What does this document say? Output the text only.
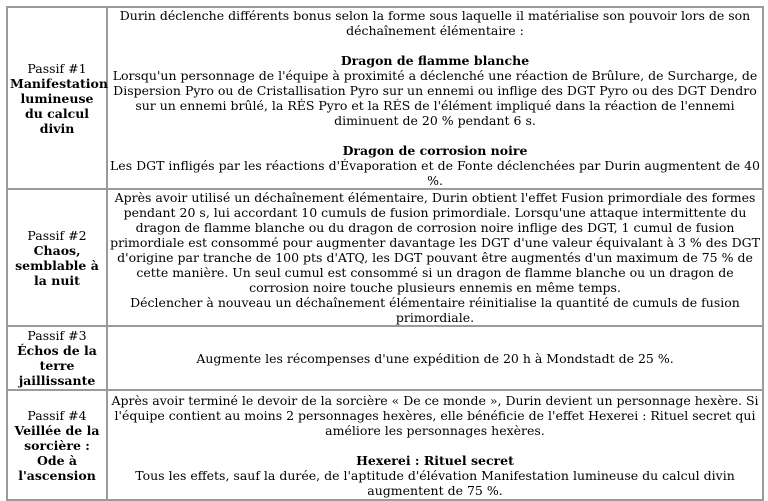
Passif #1
Manifestation lumineuse du calcul divin	Durin déclenche différents bonus selon la forme sous laquelle il matérialise son pouvoir lors de son déchaînement élémentaire :
Dragon de flamme blanche
Lorsqu'un personnage de l'équipe à proximité a déclenché une réaction de Brûlure, de Surcharge, de Dispersion Pyro ou de Cristallisation Pyro sur un ennemi ou inflige des DGT Pyro ou des DGT Dendro sur un ennemi brûlé, la RÉS Pyro et la RÉS de l'élément impliqué dans la réaction de l'ennemi diminuent de 20 % pendant 6 s.
Dragon de corrosion noire
Les DGT infligés par les réactions d'Évaporation et de Fonte déclenchées par Durin augmentent de 40 %.

Passif #2
Chaos, semblable à la nuit	Après avoir utilisé un déchaînement élémentaire, Durin obtient l'effet Fusion primordiale des formes pendant 20 s, lui accordant 10 cumuls de fusion primordiale. Lorsqu'une attaque intermittente du dragon de flamme blanche ou du dragon de corrosion noire inflige des DGT, 1 cumul de fusion primordiale est consommé pour augmenter davantage les DGT d'une valeur équivalant à 3 % des DGT d'origine par tranche de 100 pts d'ATQ, les DGT pouvant être augmentés d'un maximum de 75 % de cette manière. Un seul cumul est consommé si un dragon de flamme blanche ou un dragon de corrosion noire touche plusieurs ennemis en même temps.
Déclencher à nouveau un déchaînement élémentaire réinitialise la quantité de cumuls de fusion primordiale.

Passif #3
Échos de la terre jaillissante	Augmente les récompenses d'une expédition de 20 h à Mondstadt de 25 %.

Passif #4
Veillée de la sorcière : Ode à l'ascension	Après avoir terminé le devoir de la sorcière « De ce monde », Durin devient un personnage hexère. Si l'équipe contient au moins 2 personnages hexères, elle bénéficie de l'effet Hexerei : Rituel secret qui améliore les personnages hexères.
Hexerei : Rituel secret
Tous les effets, sauf la durée, de l'aptitude d'élévation Manifestation lumineuse du calcul divin augmentent de 75 %.
